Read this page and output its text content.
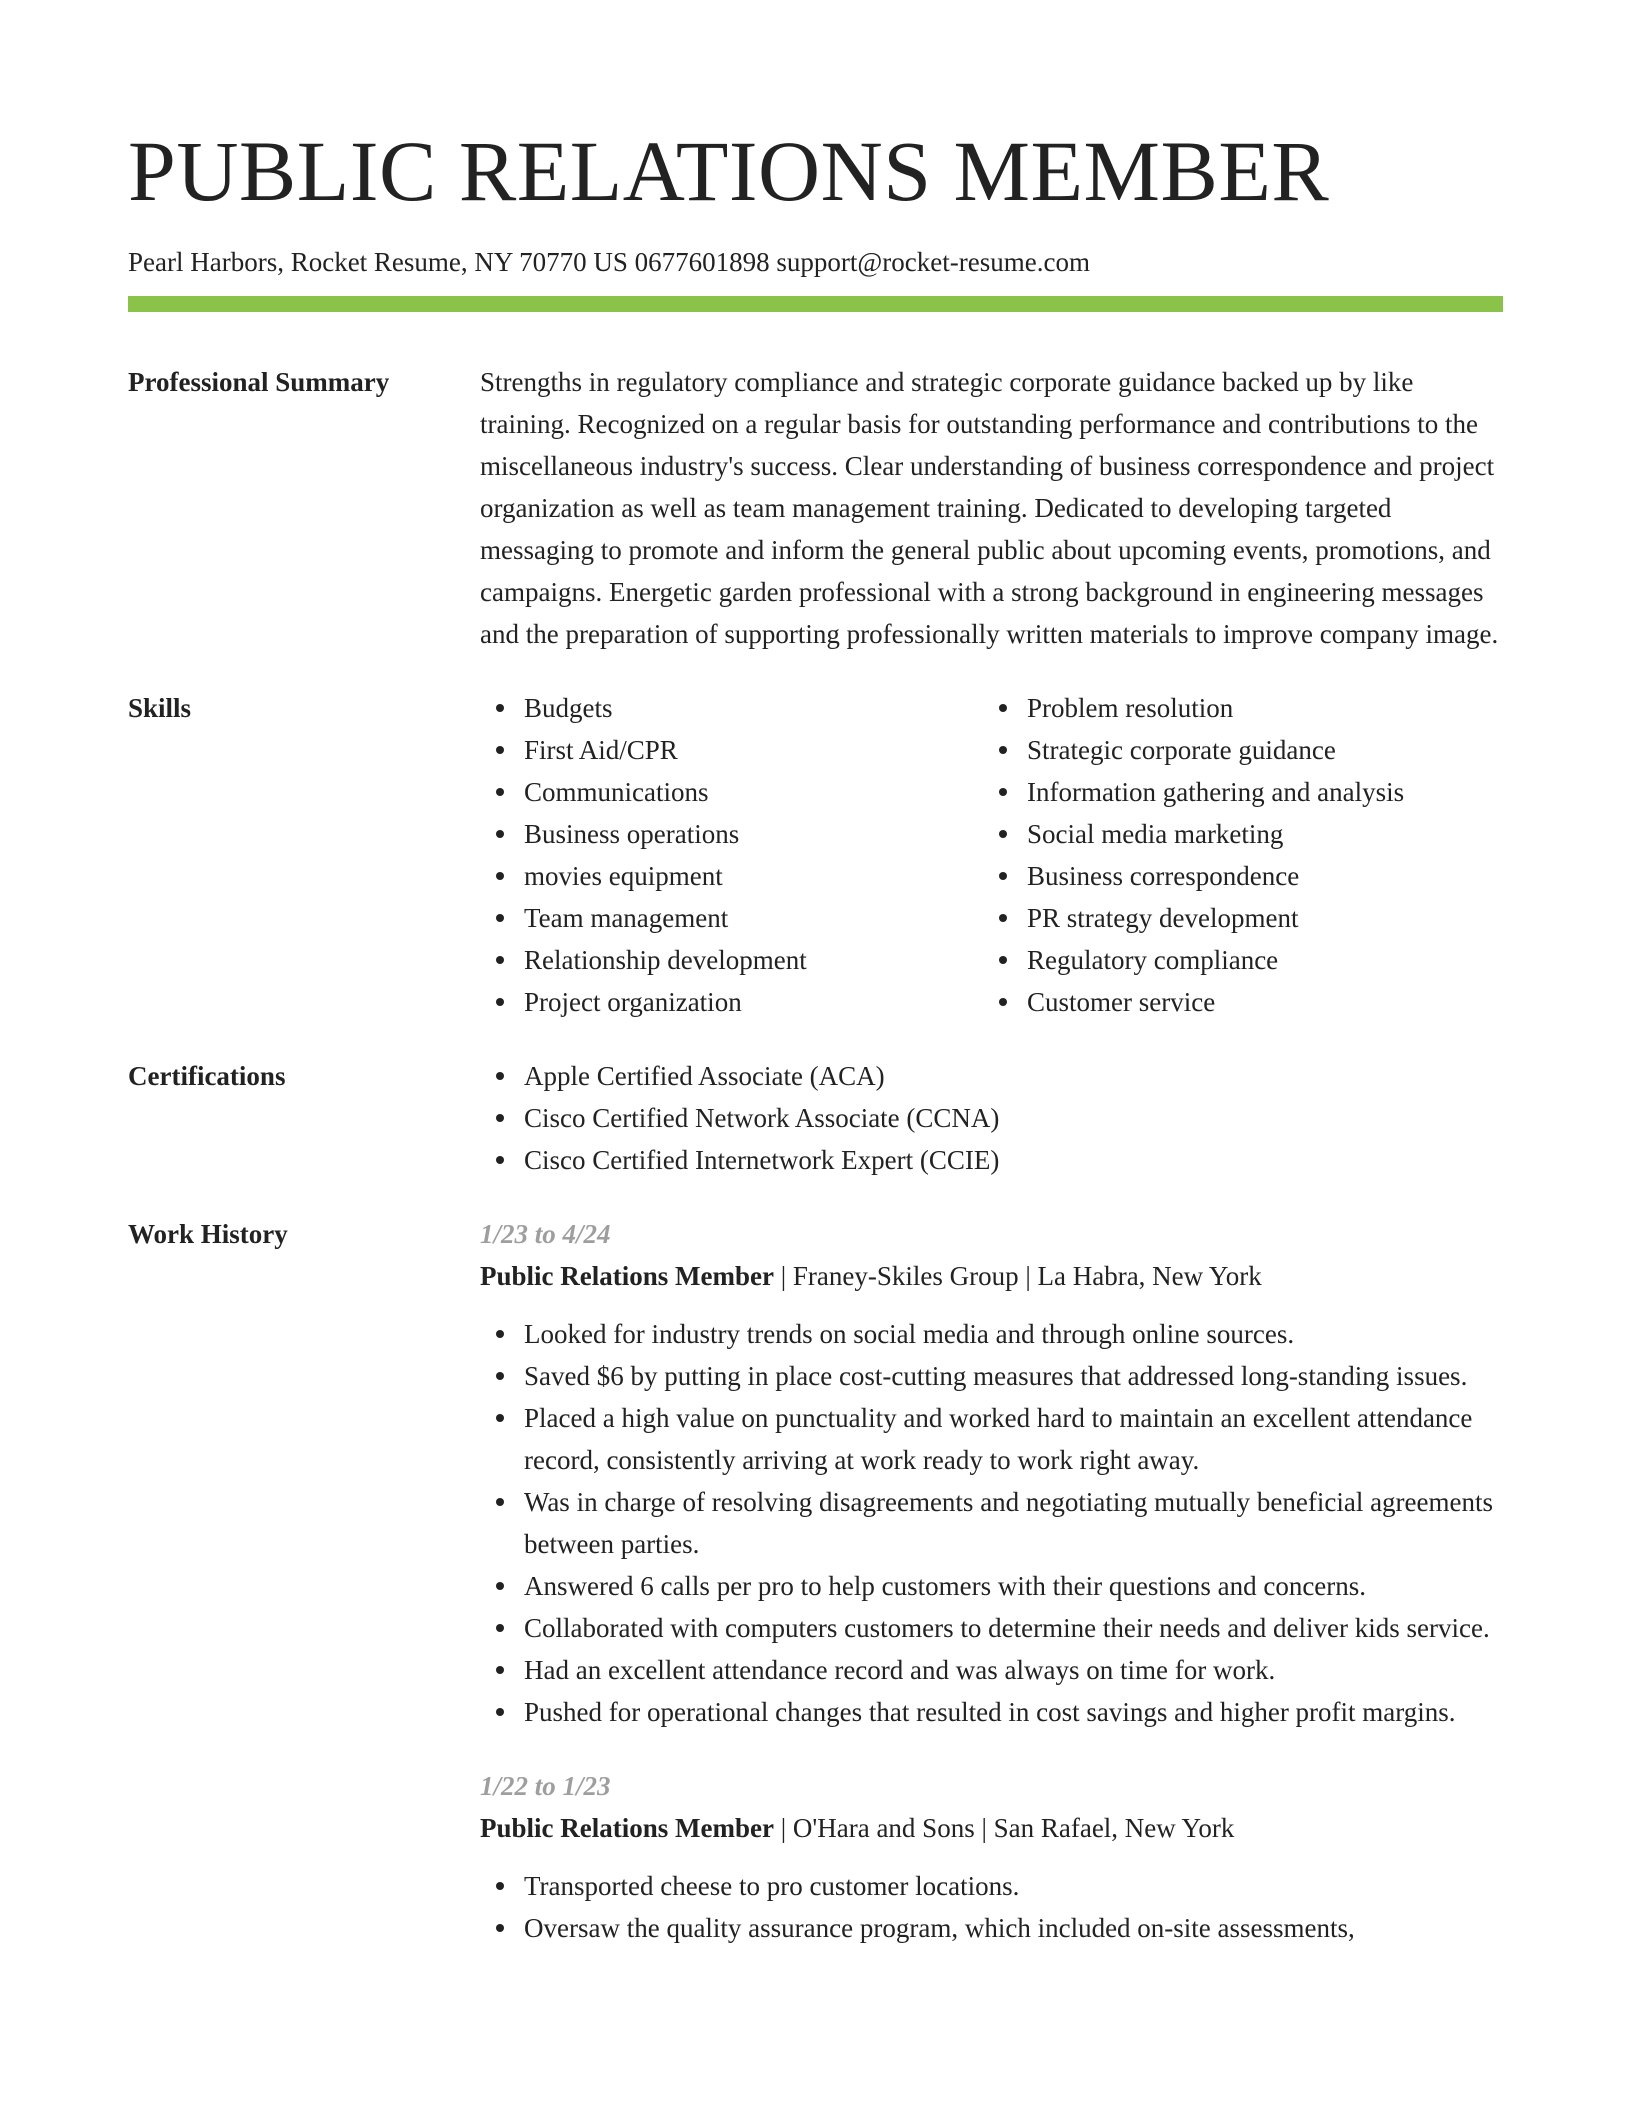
PUBLIC RELATIONS MEMBER
Pearl Harbors, Rocket Resume, NY 70770 US 0677601898 support@rocket-resume.com
Professional Summary	Strengths in regulatory compliance and strategic corporate guidance backed up by like training. Recognized on a regular basis for outstanding performance and contributions to the miscellaneous industry's success. Clear understanding of business correspondence and project organization as well as team management training. Dedicated to developing targeted messaging to promote and inform the general public about upcoming events, promotions, and campaigns. Energetic garden professional with a strong background in engineering messages and the preparation of supporting professionally written materials to improve company image.
Skills	Budgets
First Aid/CPR
Communications
Business operations
movies equipment
Team management
Relationship development
Project organization
Problem resolution
Strategic corporate guidance
Information gathering and analysis
Social media marketing
Business correspondence
PR strategy development
Regulatory compliance
Customer service
Certifications	Apple Certified Associate (ACA)
Cisco Certified Network Associate (CCNA)
Cisco Certified Internetwork Expert (CCIE)
Work History	1/23 to 4/24
Public Relations Member | Franey-Skiles Group | La Habra, New York
Looked for industry trends on social media and through online sources.
Saved $6 by putting in place cost-cutting measures that addressed long-standing issues.
Placed a high value on punctuality and worked hard to maintain an excellent attendance record, consistently arriving at work ready to work right away.
Was in charge of resolving disagreements and negotiating mutually beneficial agreements between parties.
Answered 6 calls per pro to help customers with their questions and concerns.
Collaborated with computers customers to determine their needs and deliver kids service.
Had an excellent attendance record and was always on time for work.
Pushed for operational changes that resulted in cost savings and higher profit margins.
1/22 to 1/23
Public Relations Member | O'Hara and Sons | San Rafael, New York
Transported cheese to pro customer locations.
Oversaw the quality assurance program, which included on-site assessments,
